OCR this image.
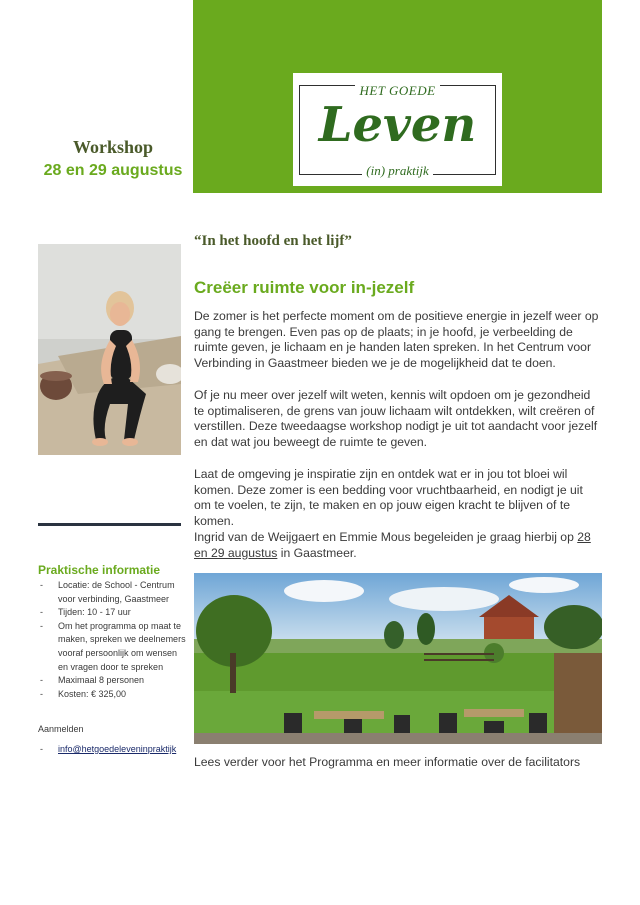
HET GOEDE
Leven
(in) praktijk
Workshop
28 en 29 augustus
Praktische informatie
- Locatie: de School - Centrum voor verbinding, Gaastmeer
- Tijden: 10 - 17 uur
- Om het programma op maat te maken, spreken we deelnemers vooraf persoonlijk om wensen en vragen door te spreken
- Maximaal 8 personen
- Kosten: € 325,00
Aanmelden
- info@hetgoedeleveninpraktijk
“In het hoofd en het lijf”
Creëer ruimte voor in-jezelf

De zomer is het perfecte moment om de positieve energie in jezelf weer op gang te brengen. Even pas op de plaats; in je hoofd, je verbeelding de ruimte geven, je lichaam en je handen laten spreken. In het Centrum voor Verbinding in Gaastmeer bieden we je de mogelijkheid dat te doen.

Of je nu meer over jezelf wilt weten, kennis wilt opdoen om je gezondheid te optimaliseren, de grens van jouw lichaam wilt ontdekken, wilt creëren of verstillen. Deze tweedaagse workshop nodigt je uit tot aandacht voor jezelf en dat wat jou beweegt de ruimte te geven.

Laat de omgeving je inspiratie zijn en ontdek wat er in jou tot bloei wil komen. Deze zomer is een bedding voor vruchtbaarheid, en nodigt je uit om te voelen, te zijn, te maken en op jouw eigen kracht te blijven of te komen.

Ingrid van de Weijgaert en Emmie Mous begeleiden je graag hierbij op 28 en 29 augustus in Gaastmeer.

Lees verder voor het Programma en meer informatie over de facilitators
